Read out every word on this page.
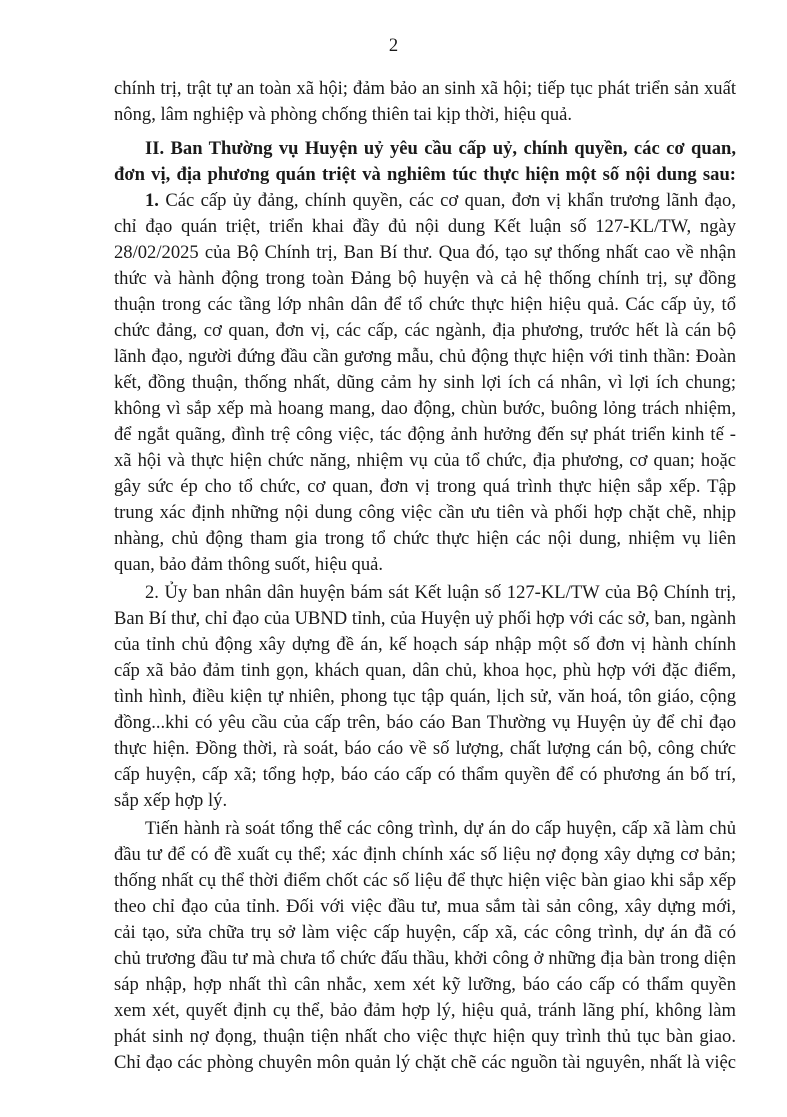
2
chính trị, trật tự an toàn xã hội; đảm bảo an sinh xã hội; tiếp tục phát triển sản xuất
nông, lâm nghiệp và phòng chống thiên tai kịp thời, hiệu quả.
II. Ban Thường vụ Huyện uỷ yêu cầu cấp uỷ, chính quyền, các cơ quan,
đơn vị, địa phương quán triệt và nghiêm túc thực hiện một số nội dung sau:
1. Các cấp ủy đảng, chính quyền, các cơ quan, đơn vị khẩn trương lãnh đạo,
chỉ đạo quán triệt, triển khai đầy đủ nội dung Kết luận số 127-KL/TW, ngày
28/02/2025 của Bộ Chính trị, Ban Bí thư. Qua đó, tạo sự thống nhất cao về nhận
thức và hành động trong toàn Đảng bộ huyện và cả hệ thống chính trị, sự đồng
thuận trong các tầng lớp nhân dân để tổ chức thực hiện hiệu quả. Các cấp ủy, tổ
chức đảng, cơ quan, đơn vị, các cấp, các ngành, địa phương, trước hết là cán bộ
lãnh đạo, người đứng đầu cần gương mẫu, chủ động thực hiện với tinh thần: Đoàn
kết, đồng thuận, thống nhất, dũng cảm hy sinh lợi ích cá nhân, vì lợi ích chung;
không vì sắp xếp mà hoang mang, dao động, chùn bước, buông lỏng trách nhiệm,
để ngắt quãng, đình trệ công việc, tác động ảnh hưởng đến sự phát triển kinh tế -
xã hội và thực hiện chức năng, nhiệm vụ của tổ chức, địa phương, cơ quan; hoặc
gây sức ép cho tổ chức, cơ quan, đơn vị trong quá trình thực hiện sắp xếp. Tập
trung xác định những nội dung công việc cần ưu tiên và phối hợp chặt chẽ, nhịp
nhàng, chủ động tham gia trong tổ chức thực hiện các nội dung, nhiệm vụ liên
quan, bảo đảm thông suốt, hiệu quả.
2. Ủy ban nhân dân huyện bám sát Kết luận số 127-KL/TW của Bộ Chính trị,
Ban Bí thư, chỉ đạo của UBND tỉnh, của Huyện uỷ phối hợp với các sở, ban, ngành
của tỉnh chủ động xây dựng đề án, kế hoạch sáp nhập một số đơn vị hành chính
cấp xã bảo đảm tinh gọn, khách quan, dân chủ, khoa học, phù hợp với đặc điểm,
tình hình, điều kiện tự nhiên, phong tục tập quán, lịch sử, văn hoá, tôn giáo, cộng
đồng...khi có yêu cầu của cấp trên, báo cáo Ban Thường vụ Huyện ủy để chỉ đạo
thực hiện. Đồng thời, rà soát, báo cáo về số lượng, chất lượng cán bộ, công chức
cấp huyện, cấp xã; tổng hợp, báo cáo cấp có thẩm quyền để có phương án bố trí,
sắp xếp hợp lý.
Tiến hành rà soát tổng thể các công trình, dự án do cấp huyện, cấp xã làm chủ
đầu tư để có đề xuất cụ thể; xác định chính xác số liệu nợ đọng xây dựng cơ bản;
thống nhất cụ thể thời điểm chốt các số liệu để thực hiện việc bàn giao khi sắp xếp
theo chỉ đạo của tỉnh. Đối với việc đầu tư, mua sắm tài sản công, xây dựng mới,
cải tạo, sửa chữa trụ sở làm việc cấp huyện, cấp xã, các công trình, dự án đã có
chủ trương đầu tư mà chưa tổ chức đấu thầu, khởi công ở những địa bàn trong diện
sáp nhập, hợp nhất thì cân nhắc, xem xét kỹ lưỡng, báo cáo cấp có thẩm quyền
xem xét, quyết định cụ thể, bảo đảm hợp lý, hiệu quả, tránh lãng phí, không làm
phát sinh nợ đọng, thuận tiện nhất cho việc thực hiện quy trình thủ tục bàn giao.
Chỉ đạo các phòng chuyên môn quản lý chặt chẽ các nguồn tài nguyên, nhất là việc
